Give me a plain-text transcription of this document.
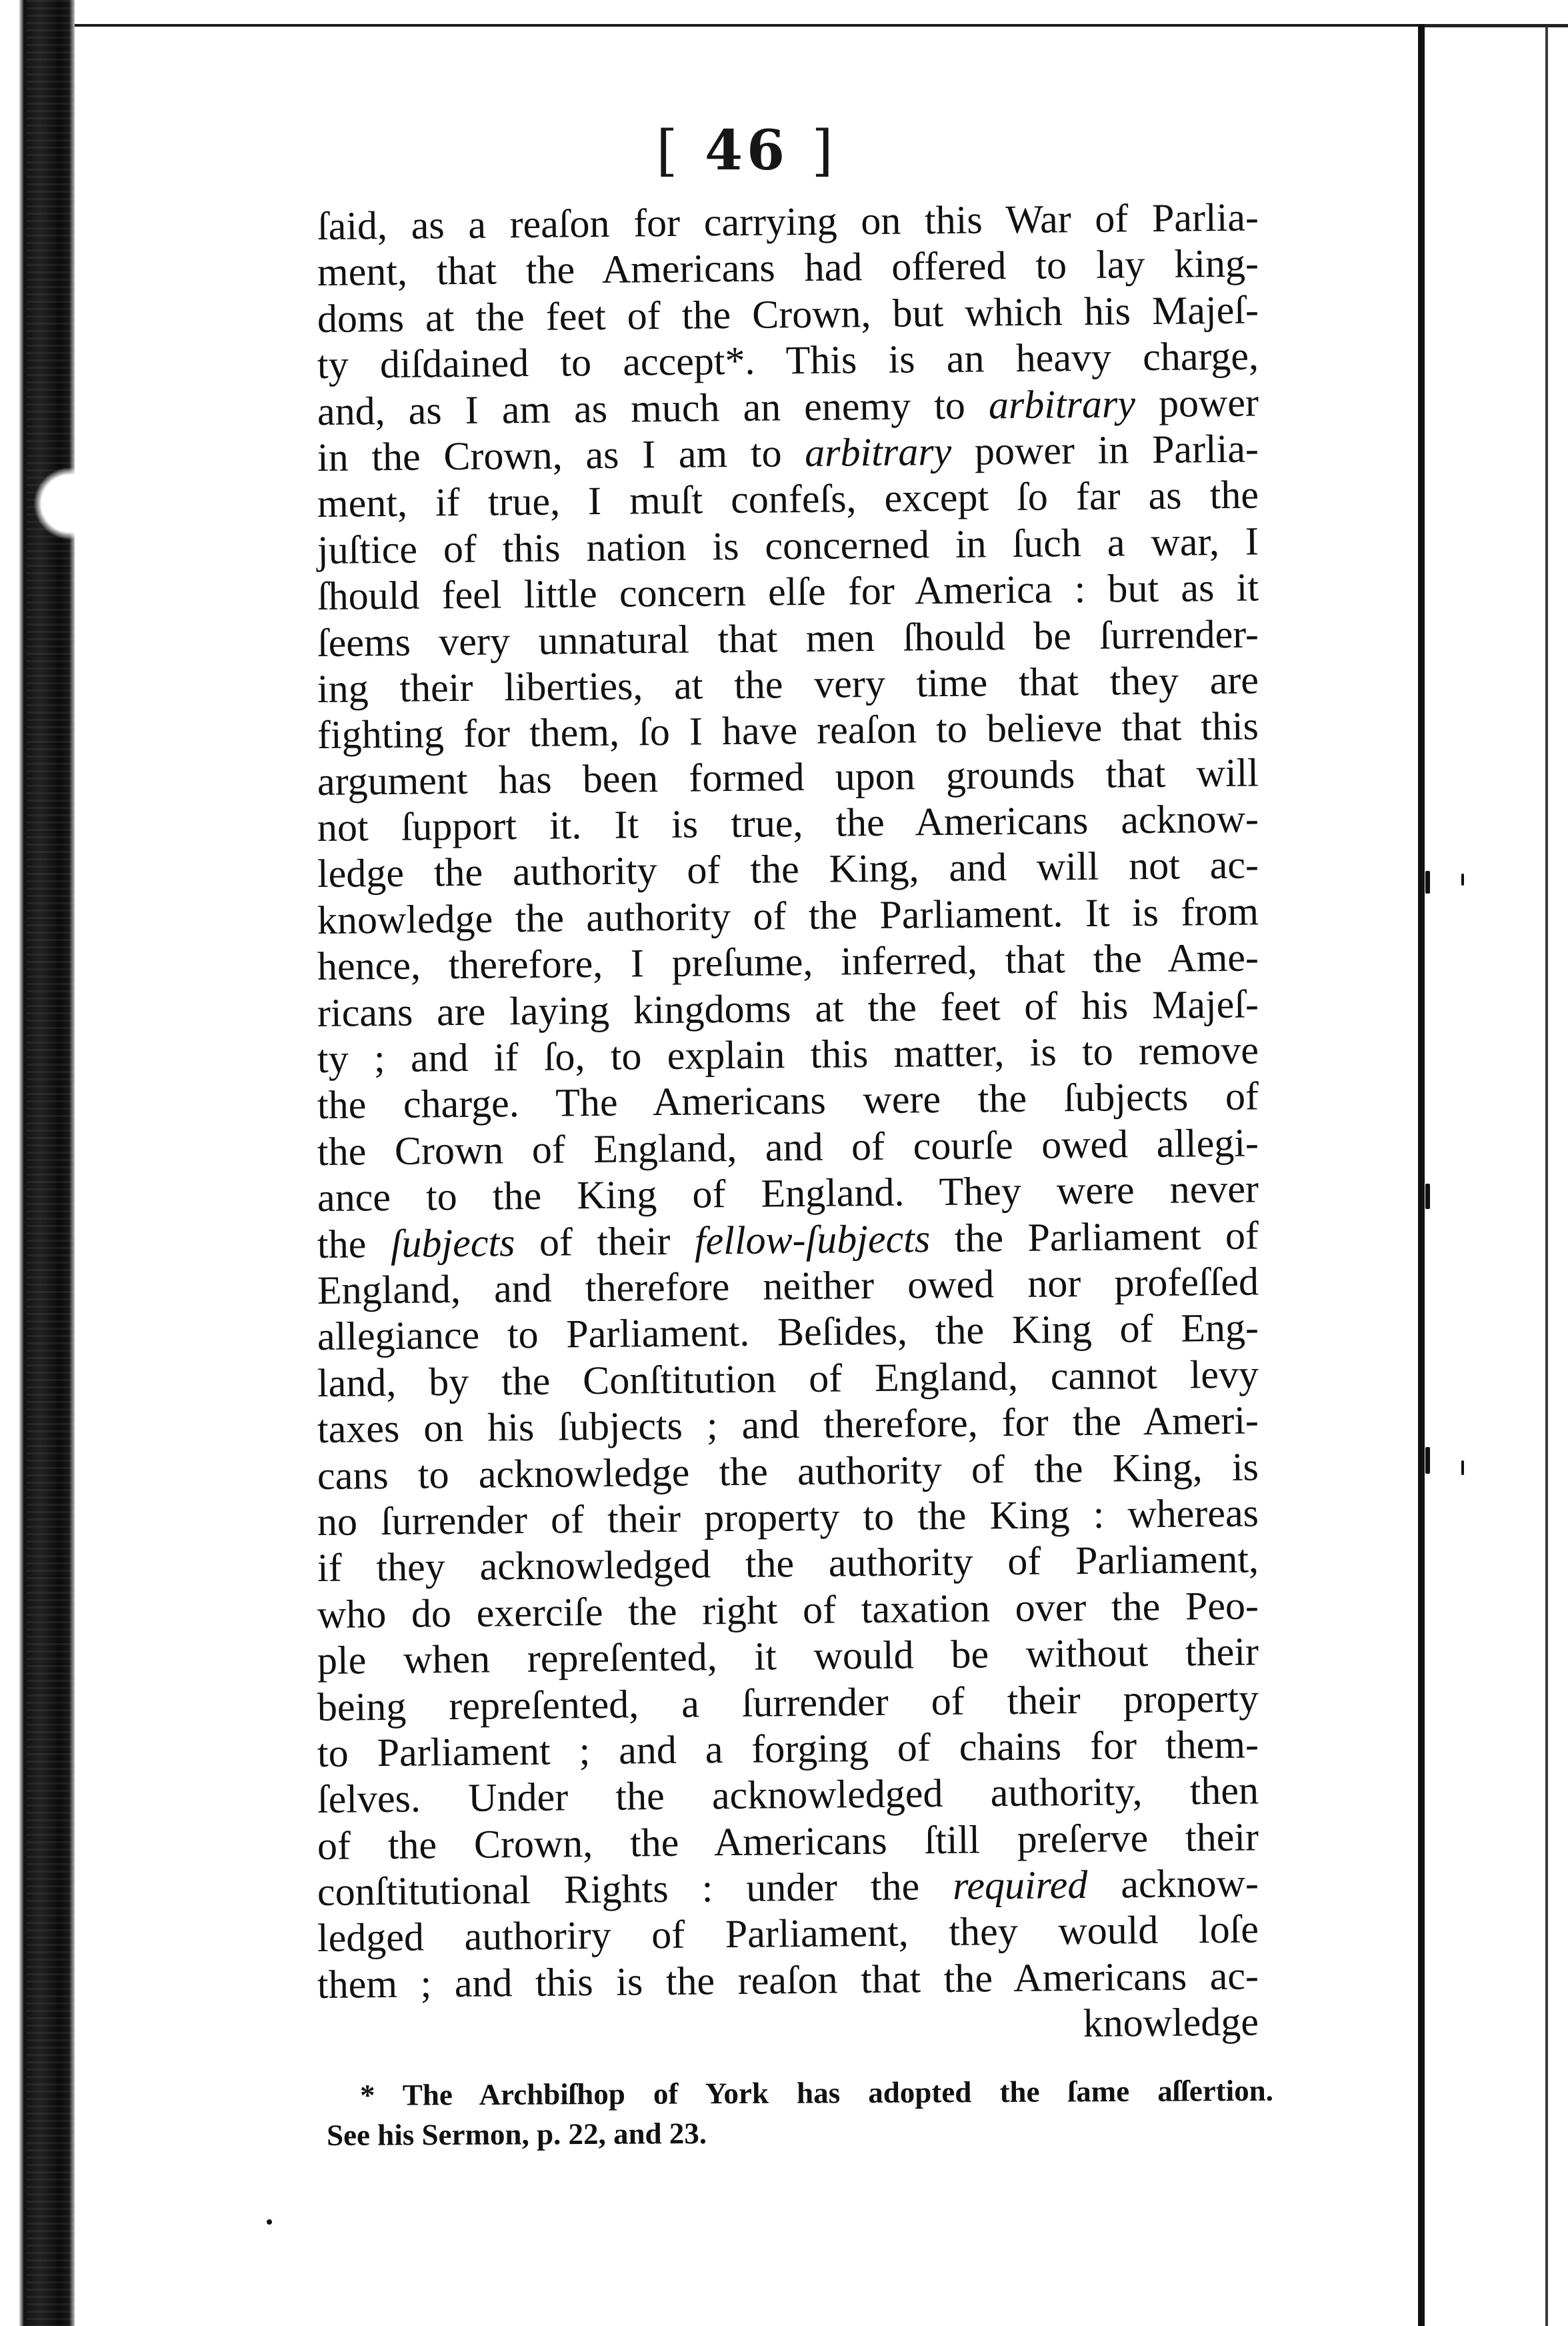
[ 46 ]
ſaid, as a reaſon for carrying on this War of Parlia-
ment, that the Americans had offered to lay king-
doms at the feet of the Crown, but which his Majeſ-
ty diſdained to accept*. This is an heavy charge,
and, as I am as much an enemy to arbitrary power
in the Crown, as I am to arbitrary power in Parlia-
ment, if true, I muſt confeſs, except ſo far as the
juſtice of this nation is concerned in ſuch a war, I
ſhould feel little concern elſe for America : but as it
ſeems very unnatural that men ſhould be ſurrender-
ing their liberties, at the very time that they are
fighting for them, ſo I have reaſon to believe that this
argument has been formed upon grounds that will
not ſupport it. It is true, the Americans acknow-
ledge the authority of the King, and will not ac-
knowledge the authority of the Parliament. It is from
hence, therefore, I preſume, inferred, that the Ame-
ricans are laying kingdoms at the feet of his Majeſ-
ty ; and if ſo, to explain this matter, is to remove
the charge. The Americans were the ſubjects of
the Crown of England, and of courſe owed allegi-
ance to the King of England. They were never
the ſubjects of their fellow-ſubjects the Parliament of
England, and therefore neither owed nor profeſſed
allegiance to Parliament. Beſides, the King of Eng-
land, by the Conſtitution of England, cannot levy
taxes on his ſubjects ; and therefore, for the Ameri-
cans to acknowledge the authority of the King, is
no ſurrender of their property to the King : whereas
if they acknowledged the authority of Parliament,
who do exerciſe the right of taxation over the Peo-
ple when repreſented, it would be without their
being repreſented, a ſurrender of their property
to Parliament ; and a forging of chains for them-
ſelves. Under the acknowledged authority, then
of the Crown, the Americans ſtill preſerve their
conſtitutional Rights : under the required acknow-
ledged authoriry of Parliament, they would loſe
them ; and this is the reaſon that the Americans ac-
knowledge
* The Archbiſhop of York has adopted the ſame aſſertion.
See his Sermon, p. 22, and 23.
